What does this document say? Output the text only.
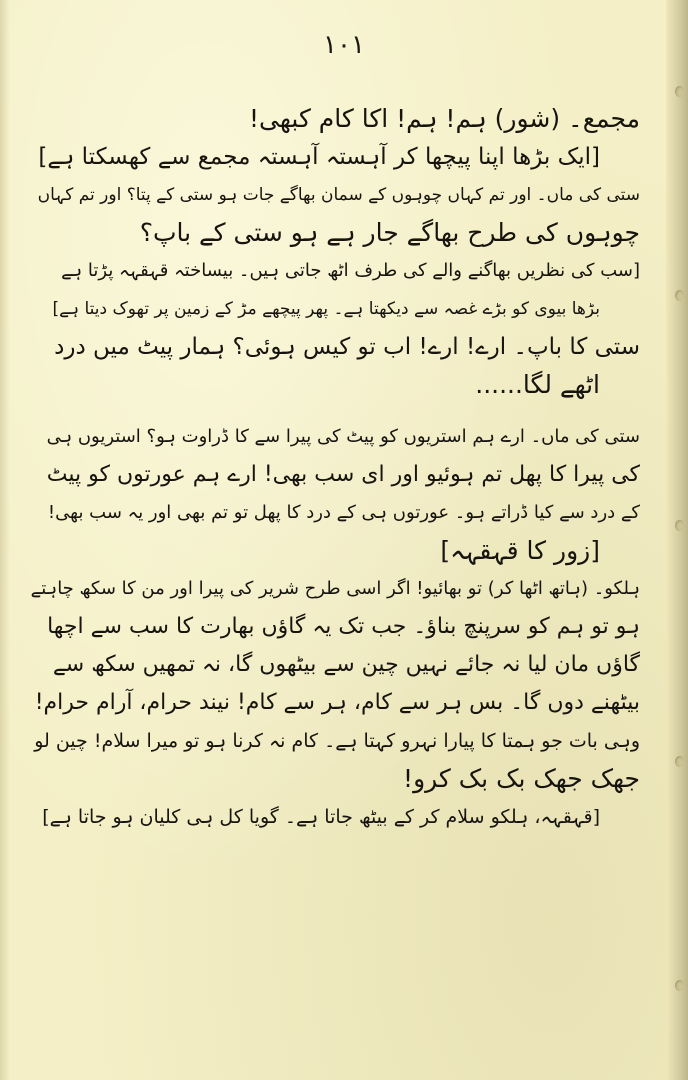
۱۰۱
مجمع۔ (شور) ہم! ہم! اکا کام کبھی!
[ایک بڑھا اپنا پیچھا کر آہستہ آہستہ مجمع سے کھسکتا ہے]
ستی کی ماں۔ اور تم کہاں چوہوں کے سمان بھاگے جات ہو ستی کے پتا؟ اور تم کہاں
چوہوں کی طرح بھاگے جار ہے ہو ستی کے باپ؟
[سب کی نظریں بھاگنے والے کی طرف اٹھ جاتی ہیں۔ بیساختہ قہقہہ پڑتا ہے
بڑھا بیوی کو بڑے غصہ سے دیکھتا ہے۔ پھر پیچھے مڑ کے زمین پر تھوک دیتا ہے]
ستی کا باپ۔ ارے! ارے! اب تو کیس ہوئی؟ ہمار پیٹ میں درد
اٹھے لگا......
ستی کی ماں۔ ارے ہم استریوں کو پیٹ کی پیرا سے کا ڈراوت ہو؟ استریوں ہی
کی پیرا کا پھل تم ہوئیو اور ای سب بھی! ارے ہم عورتوں کو پیٹ
کے درد سے کیا ڈراتے ہو۔ عورتوں ہی کے درد کا پھل تو تم بھی اور یہ سب بھی!
[زور کا قہقہہ]
ہلکو۔ (ہاتھ اٹھا کر) تو بھائیو! اگر اسی طرح شریر کی پیرا اور من کا سکھ چاہتے
ہو تو ہم کو سرپنچ بناؤ۔ جب تک یہ گاؤں بھارت کا سب سے اچھا
گاؤں مان لیا نہ جائے نہیں چین سے بیٹھوں گا، نہ تمھیں سکھ سے
بیٹھنے دوں گا۔ بس ہر سے کام، ہر سے کام! نیند حرام، آرام حرام!
وہی بات جو ہمتا کا پیارا نہرو کہتا ہے۔ کام نہ کرنا ہو تو میرا سلام! چین لو
جھک جھک بک بک کرو!
[قہقہہ، ہلکو سلام کر کے بیٹھ جاتا ہے۔ گویا کل ہی کلیان ہو جاتا ہے]
